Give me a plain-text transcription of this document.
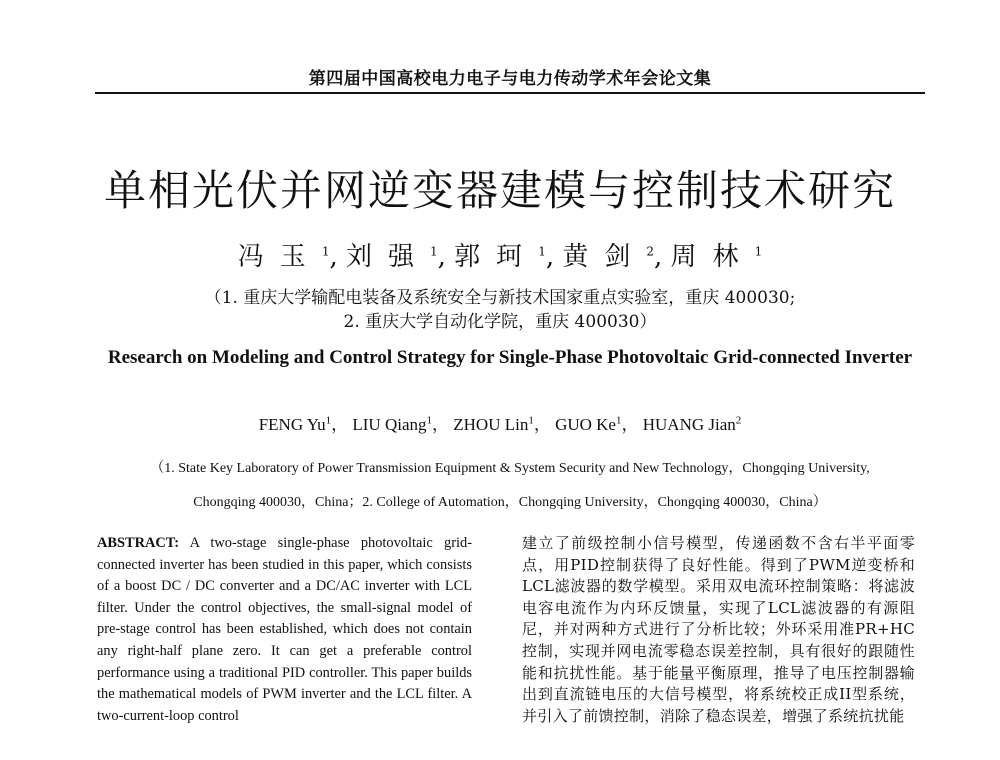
第四届中国高校电力电子与电力传动学术年会论文集
单相光伏并网逆变器建模与控制技术研究
冯玉$^1$, 刘强$^1$, 郭珂$^1$, 黄剑$^2$, 周林$^1$
（1. 重庆大学输配电装备及系统安全与新技术国家重点实验室，重庆 400030;
2. 重庆大学自动化学院，重庆 400030）
Research on Modeling and Control Strategy for Single-Phase Photovoltaic Grid-connected Inverter
FENG Yu$^1$， LIU Qiang$^1$， ZHOU Lin$^1$， GUO Ke$^1$， HUANG Jian$^2$
（1. State Key Laboratory of Power Transmission Equipment & System Security and New Technology，Chongqing University,
Chongqing 400030，China；2. College of Automation，Chongqing University，Chongqing 400030，China）
ABSTRACT: A two-stage single-phase photovoltaic grid-connected inverter has been studied in this paper, which consists of a boost DC / DC converter and a DC/AC inverter with LCL filter. Under the control objectives, the small-signal model of pre-stage control has been established, which does not contain any right-half plane zero. It can get a preferable control performance using a traditional PID controller. This paper builds the mathematical models of PWM inverter and the LCL filter. A two-current-loop control
建立了前级控制小信号模型，传递函数不含右半平面零点，用PID控制获得了良好性能。得到了PWM逆变桥和LCL滤波器的数学模型。采用双电流环控制策略：将滤波电容电流作为内环反馈量，实现了LCL滤波器的有源阻尼，并对两种方式进行了分析比较；外环采用准PR+HC控制，实现并网电流零稳态误差控制，具有很好的跟随性能和抗扰性能。基于能量平衡原理，推导了电压控制器输出到直流链电压的大信号模型，将系统校正成II型系统，并引入了前馈控制，消除了稳态误差，增强了系统抗扰能
